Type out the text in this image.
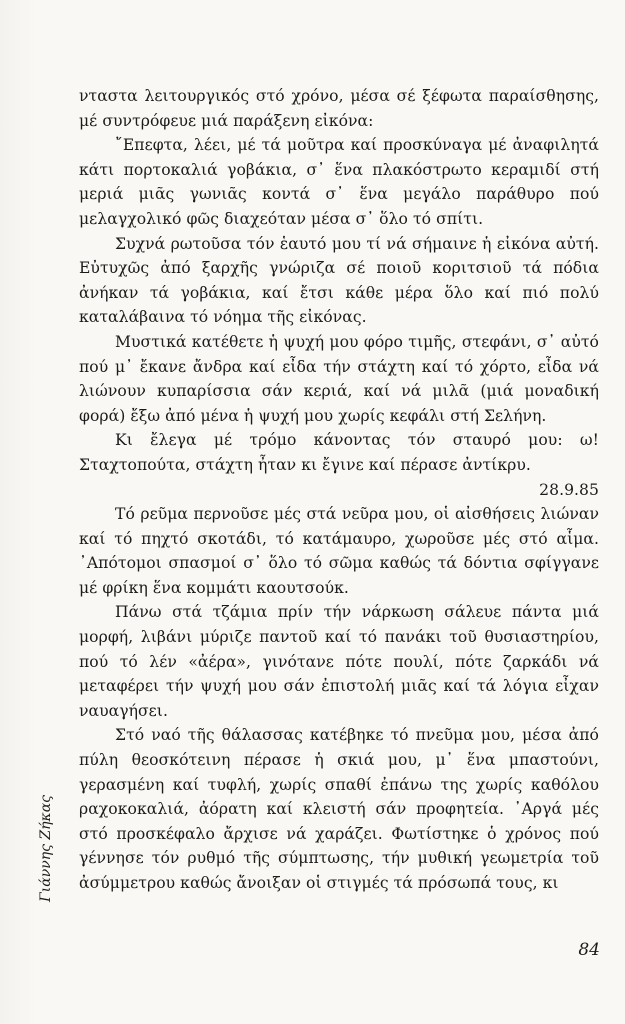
νταστα λειτουργικός στό χρόνο, μέσα σέ ξέφωτα παραίσθησης, μέ συντρόφευε μιά παράξενη εἰκόνα:

῎Επεφτα, λέει, μέ τά μοῦτρα καί προσκύναγα μέ ἀναφιλητά κάτι πορτοκαλιά γοβάκια, σ᾽ ἕνα πλακόστρωτο κεραμιδί στή μεριά μιᾶς γωνιᾶς κοντά σ᾽ ἕνα μεγάλο παράθυρο πού μελαγχολικό φῶς διαχεόταν μέσα σ᾽ ὅλο τό σπίτι.

Συχνά ρωτοῦσα τόν ἑαυτό μου τί νά σήμαινε ἡ εἰκόνα αὐτή. Εὐτυχῶς ἀπό ξαρχῆς γνώριζα σέ ποιοῦ κοριτσιοῦ τά πόδια ἀνήκαν τά γοβάκια, καί ἔτσι κάθε μέρα ὅλο καί πιό πολύ καταλάβαινα τό νόημα τῆς εἰκόνας.

Μυστικά κατέθετε ἡ ψυχή μου φόρο τιμῆς, στεφάνι, σ᾽ αὐτό πού μ᾽ ἔκανε ἄνδρα καί εἶδα τήν στάχτη καί τό χόρτο, εἶδα νά λιώνουν κυπαρίσσια σάν κεριά, καί νά μιλᾶ (μιά μοναδική φορά) ἔξω ἀπό μένα ἡ ψυχή μου χωρίς κεφάλι στή Σελήνη.

Κι ἔλεγα μέ τρόμο κάνοντας τόν σταυρό μου: ω! Σταχτοπούτα, στάχτη ἦταν κι ἔγινε καί πέρασε ἀντίκρυ.

28.9.85

Τό ρεῦμα περνοῦσε μές στά νεῦρα μου, οἱ αἰσθήσεις λιώναν καί τό πηχτό σκοτάδι, τό κατάμαυρο, χωροῦσε μές στό αἷμα. ᾽Απότομοι σπασμοί σ᾽ ὅλο τό σῶμα καθώς τά δόντια σφίγγανε μέ φρίκη ἕνα κομμάτι καουτσούκ.

Πάνω στά τζάμια πρίν τήν νάρκωση σάλευε πάντα μιά μορφή, λιβάνι μύριζε παντοῦ καί τό πανάκι τοῦ θυσιαστηρίου, πού τό λέν «ἀέρα», γινότανε πότε πουλί, πότε ζαρκάδι νά μεταφέρει τήν ψυχή μου σάν ἐπιστολή μιᾶς καί τά λόγια εἶχαν ναυαγήσει.

Στό ναό τῆς θάλασσας κατέβηκε τό πνεῦμα μου, μέσα ἀπό πύλη θεοσκότεινη πέρασε ἡ σκιά μου, μ᾽ ἕνα μπαστούνι, γερασμένη καί τυφλή, χωρίς σπαθί ἐπάνω της χωρίς καθόλου ραχοκοκαλιά, ἀόρατη καί κλειστή σάν προφητεία. ᾽Αργά μές στό προσκέφαλο ἄρχισε νά χαράζει. Φωτίστηκε ὁ χρόνος πού γέννησε τόν ρυθμό τῆς σύμπτωσης, τήν μυθική γεωμετρία τοῦ ἀσύμμετρου καθώς ἄνοιξαν οἱ στιγμές τά πρόσωπά τους, κι

Γιάννης Ζήκας
84
